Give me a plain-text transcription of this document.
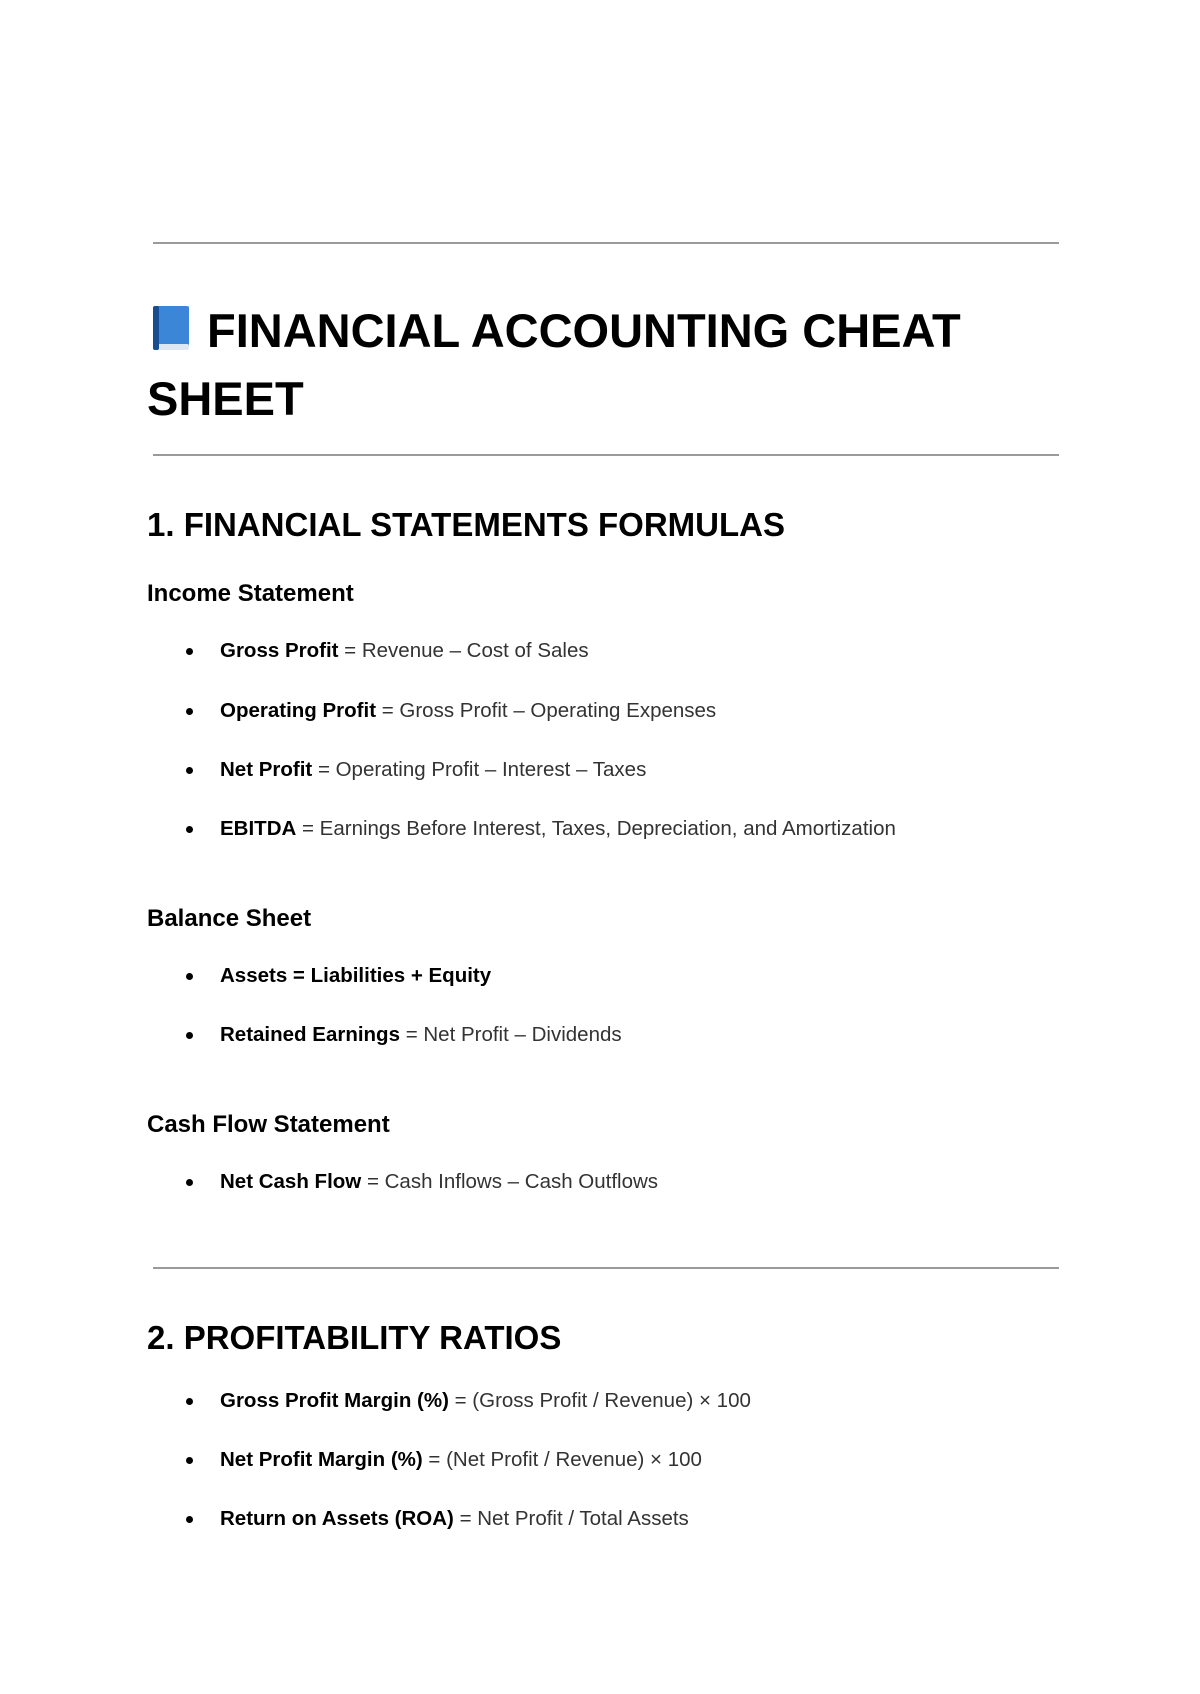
FINANCIAL ACCOUNTING CHEAT SHEET
1. FINANCIAL STATEMENTS FORMULAS
Income Statement
Gross Profit = Revenue – Cost of Sales
Operating Profit = Gross Profit – Operating Expenses
Net Profit = Operating Profit – Interest – Taxes
EBITDA = Earnings Before Interest, Taxes, Depreciation, and Amortization
Balance Sheet
Assets = Liabilities + Equity
Retained Earnings = Net Profit – Dividends
Cash Flow Statement
Net Cash Flow = Cash Inflows – Cash Outflows
2. PROFITABILITY RATIOS
Gross Profit Margin (%) = (Gross Profit / Revenue) × 100
Net Profit Margin (%) = (Net Profit / Revenue) × 100
Return on Assets (ROA) = Net Profit / Total Assets
